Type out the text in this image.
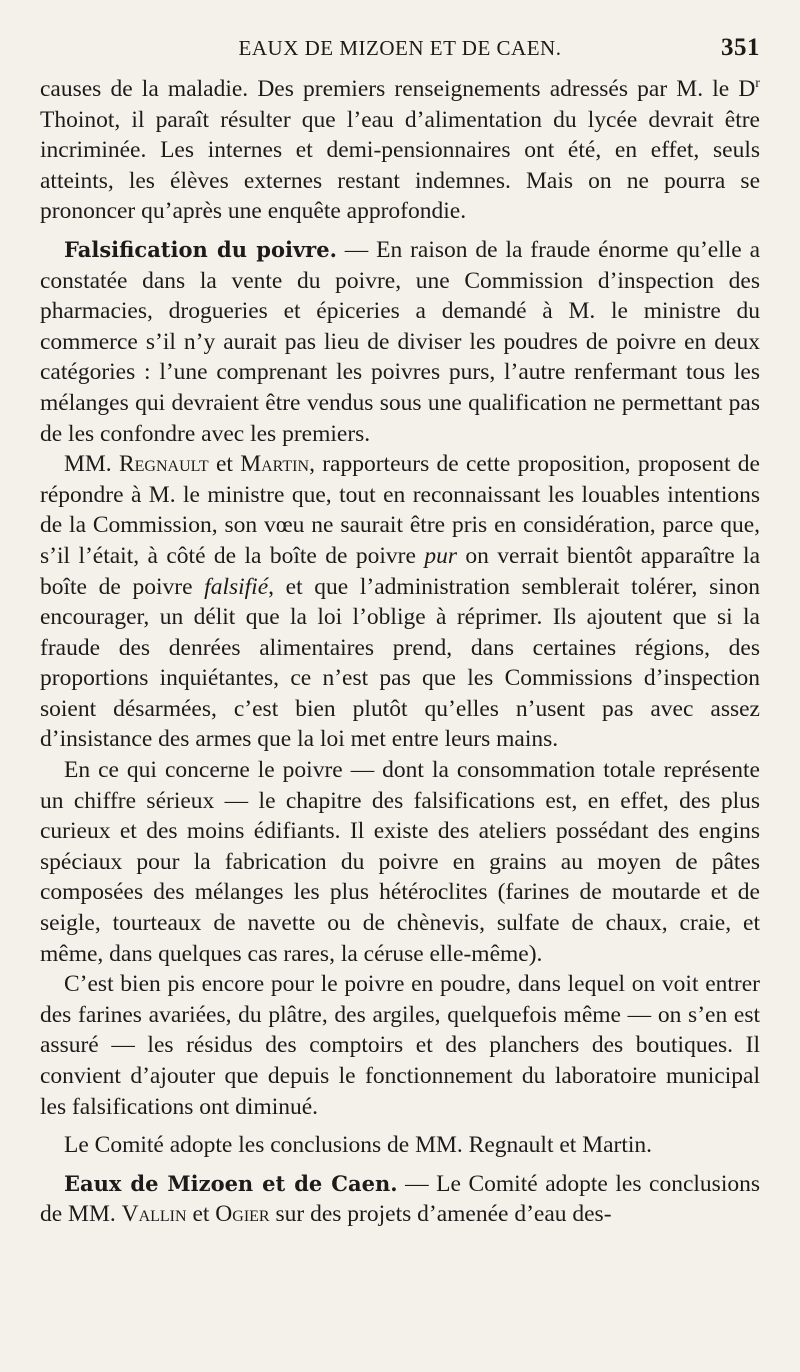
EAUX DE MIZOEN ET DE CAEN.	351

causes de la maladie. Des premiers renseignements adressés par M. le $D^r$ Thoinot, il paraît résulter que l’eau d’alimentation du lycée devrait être incriminée. Les internes et demi-pensionnaires ont été, en effet, seuls atteints, les élèves externes restant indemnes. Mais on ne pourra se prononcer qu’après une enquête approfondie.

Falsification du poivre. — En raison de la fraude énorme qu’elle a constatée dans la vente du poivre, une Commission d’inspection des pharmacies, drogueries et épiceries a demandé à M. le ministre du commerce s’il n’y aurait pas lieu de diviser les poudres de poivre en deux catégories : l’une comprenant les poivres purs, l’autre renfermant tous les mélanges qui devraient être vendus sous une qualification ne permettant pas de les confondre avec les premiers.

MM. Regnault et Martin, rapporteurs de cette proposition, proposent de répondre à M. le ministre que, tout en reconnaissant les louables intentions de la Commission, son vœu ne saurait être pris en considération, parce que, s’il l’était, à côté de la boîte de poivre pur on verrait bientôt apparaître la boîte de poivre falsifié, et que l’administration semblerait tolérer, sinon encourager, un délit que la loi l’oblige à réprimer. Ils ajoutent que si la fraude des denrées alimentaires prend, dans certaines régions, des proportions inquiétantes, ce n’est pas que les Commissions d’inspection soient désarmées, c’est bien plutôt qu’elles n’usent pas avec assez d’insistance des armes que la loi met entre leurs mains.

En ce qui concerne le poivre — dont la consommation totale représente un chiffre sérieux — le chapitre des falsifications est, en effet, des plus curieux et des moins édifiants. Il existe des ateliers possédant des engins spéciaux pour la fabrication du poivre en grains au moyen de pâtes composées des mélanges les plus hétéroclites (farines de moutarde et de seigle, tourteaux de navette ou de chènevis, sulfate de chaux, craie, et même, dans quelques cas rares, la céruse elle-même).

C’est bien pis encore pour le poivre en poudre, dans lequel on voit entrer des farines avariées, du plâtre, des argiles, quelquefois même — on s’en est assuré — les résidus des comptoirs et des planchers des boutiques. Il convient d’ajouter que depuis le fonctionnement du laboratoire municipal les falsifications ont diminué.

Le Comité adopte les conclusions de MM. Regnault et Martin.

Eaux de Mizoen et de Caen. — Le Comité adopte les conclusions de MM. Vallin et Ogier sur des projets d’amenée d’eau des-
